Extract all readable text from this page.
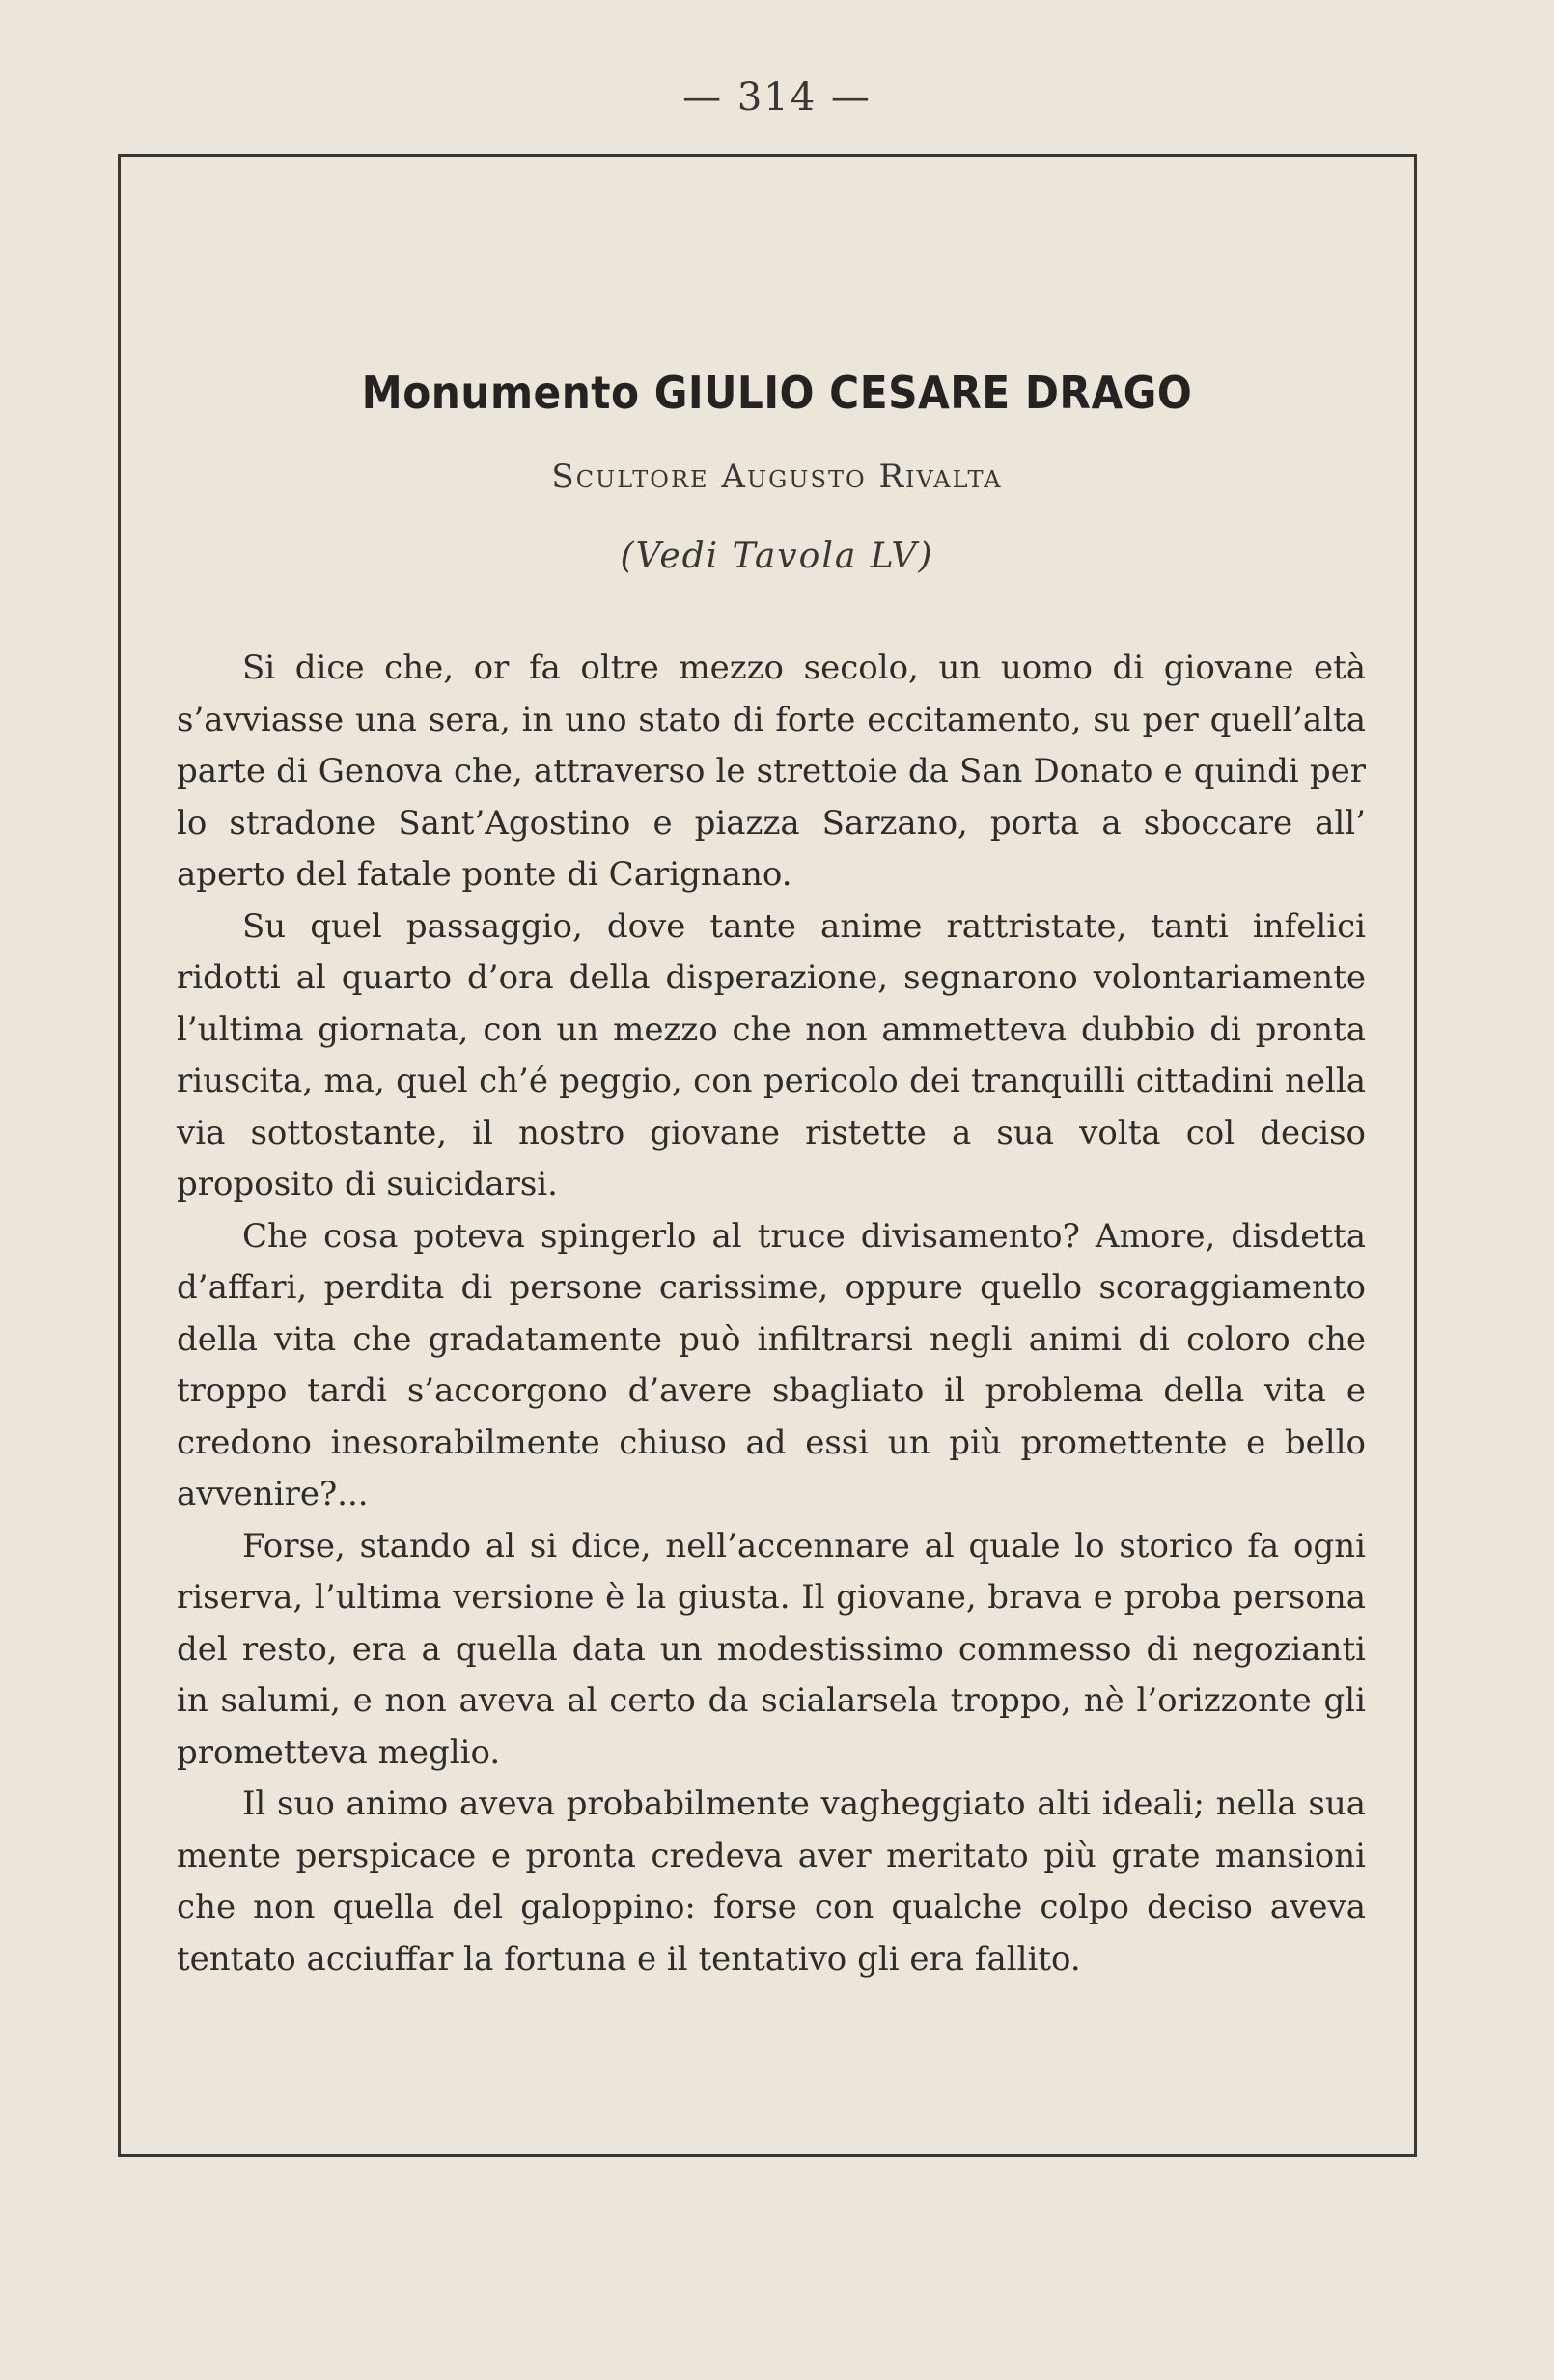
— 314 —
Monumento GIULIO CESARE DRAGO
Scultore Augusto Rivalta
(Vedi Tavola LV)

Si dice che, or fa oltre mezzo secolo, un uomo di giovane età s’avviasse una sera, in uno stato di forte eccitamento, su per quell’alta parte di Genova che, attraverso le strettoie da San Donato e quindi per lo stradone Sant’Agostino e piazza Sarzano, porta a sboccare all’ aperto del fatale ponte di Carignano.

Su quel passaggio, dove tante anime rattristate, tanti infelici ridotti al quarto d’ora della disperazione, segnarono volontariamente l’ultima giornata, con un mezzo che non ammetteva dubbio di pronta riuscita, ma, quel ch’é peggio, con pericolo dei tranquilli cittadini nella via sottostante, il nostro giovane ristette a sua volta col deciso proposito di suicidarsi.

Che cosa poteva spingerlo al truce divisamento? Amore, disdetta d’affari, perdita di persone carissime, oppure quello scoraggiamento della vita che gradatamente può infiltrarsi negli animi di coloro che troppo tardi s’accorgono d’avere sbagliato il problema della vita e credono inesorabilmente chiuso ad essi un più promettente e bello avvenire?...

Forse, stando al si dice, nell’accennare al quale lo storico fa ogni riserva, l’ultima versione è la giusta. Il giovane, brava e proba persona del resto, era a quella data un modestissimo commesso di negozianti in salumi, e non aveva al certo da scialarsela troppo, nè l’orizzonte gli prometteva meglio.

Il suo animo aveva probabilmente vagheggiato alti ideali; nella sua mente perspicace e pronta credeva aver meritato più grate mansioni che non quella del galoppino: forse con qualche colpo deciso aveva tentato acciuffar la fortuna e il tentativo gli era fallito.
